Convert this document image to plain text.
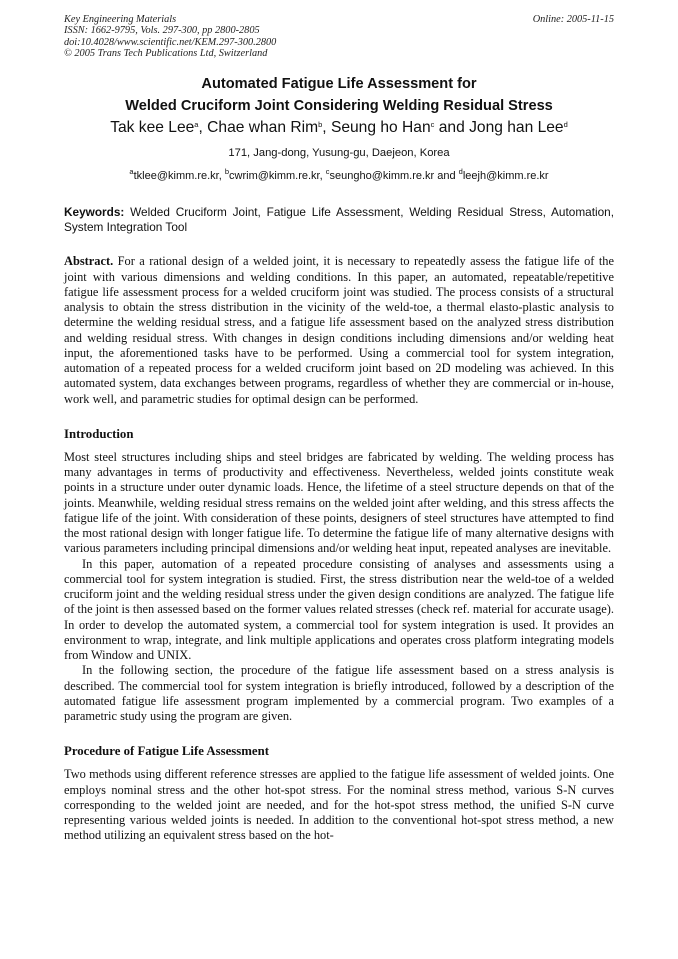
Key Engineering Materials
ISSN: 1662-9795, Vols. 297-300, pp 2800-2805
doi:10.4028/www.scientific.net/KEM.297-300.2800
© 2005 Trans Tech Publications Ltd, Switzerland
Online: 2005-11-15
Automated Fatigue Life Assessment for
Welded Cruciform Joint Considering Welding Residual Stress
Tak kee Lee$^a$, Chae whan Rim$^b$, Seung ho Han$^c$ and Jong han Lee$^d$
171, Jang-dong, Yusung-gu, Daejeon, Korea
$^a$tklee@kimm.re.kr, $^b$cwrim@kimm.re.kr, $^c$seungho@kimm.re.kr and $^d$leejh@kimm.re.kr
Keywords: Welded Cruciform Joint, Fatigue Life Assessment, Welding Residual Stress, Automation, System Integration Tool
Abstract. For a rational design of a welded joint, it is necessary to repeatedly assess the fatigue life of the joint with various dimensions and welding conditions. In this paper, an automated, repeatable/repetitive fatigue life assessment process for a welded cruciform joint was studied. The process consists of a structural analysis to obtain the stress distribution in the vicinity of the weld-toe, a thermal elasto-plastic analysis to determine the welding residual stress, and a fatigue life assessment based on the analyzed stress distribution and welding residual stress. With changes in design conditions including dimensions and/or welding heat input, the aforementioned tasks have to be performed. Using a commercial tool for system integration, automation of a repeated process for a welded cruciform joint based on 2D modeling was achieved. In this automated system, data exchanges between programs, regardless of whether they are commercial or in-house, work well, and parametric studies for optimal design can be performed.
Introduction

Most steel structures including ships and steel bridges are fabricated by welding. The welding process has many advantages in terms of productivity and effectiveness. Nevertheless, welded joints constitute weak points in a structure under outer dynamic loads. Hence, the lifetime of a steel structure depends on that of the joints. Meanwhile, welding residual stress remains on the welded joint after welding, and this stress affects the fatigue life of the joint. With consideration of these points, designers of steel structures have attempted to find the most rational design with longer fatigue life. To determine the fatigue life of many alternative designs with various parameters including principal dimensions and/or welding heat input, repeated analyses are inevitable.

In this paper, automation of a repeated procedure consisting of analyses and assessments using a commercial tool for system integration is studied. First, the stress distribution near the weld-toe of a welded cruciform joint and the welding residual stress under the given design conditions are analyzed. The fatigue life of the joint is then assessed based on the former values related stresses (check ref. material for accurate usage). In order to develop the automated system, a commercial tool for system integration is used. It provides an environment to wrap, integrate, and link multiple applications and operates cross platform integrating models from Window and UNIX.

In the following section, the procedure of the fatigue life assessment based on a stress analysis is described. The commercial tool for system integration is briefly introduced, followed by a description of the automated fatigue life assessment program implemented by a commercial program. Two examples of a parametric study using the program are given.

Procedure of Fatigue Life Assessment

Two methods using different reference stresses are applied to the fatigue life assessment of welded joints. One employs nominal stress and the other hot-spot stress. For the nominal stress method, various S-N curves corresponding to the welded joint are needed, and for the hot-spot stress method, the unified S-N curve representing various welded joints is needed. In addition to the conventional hot-spot stress method, a new method utilizing an equivalent stress based on the hot-
